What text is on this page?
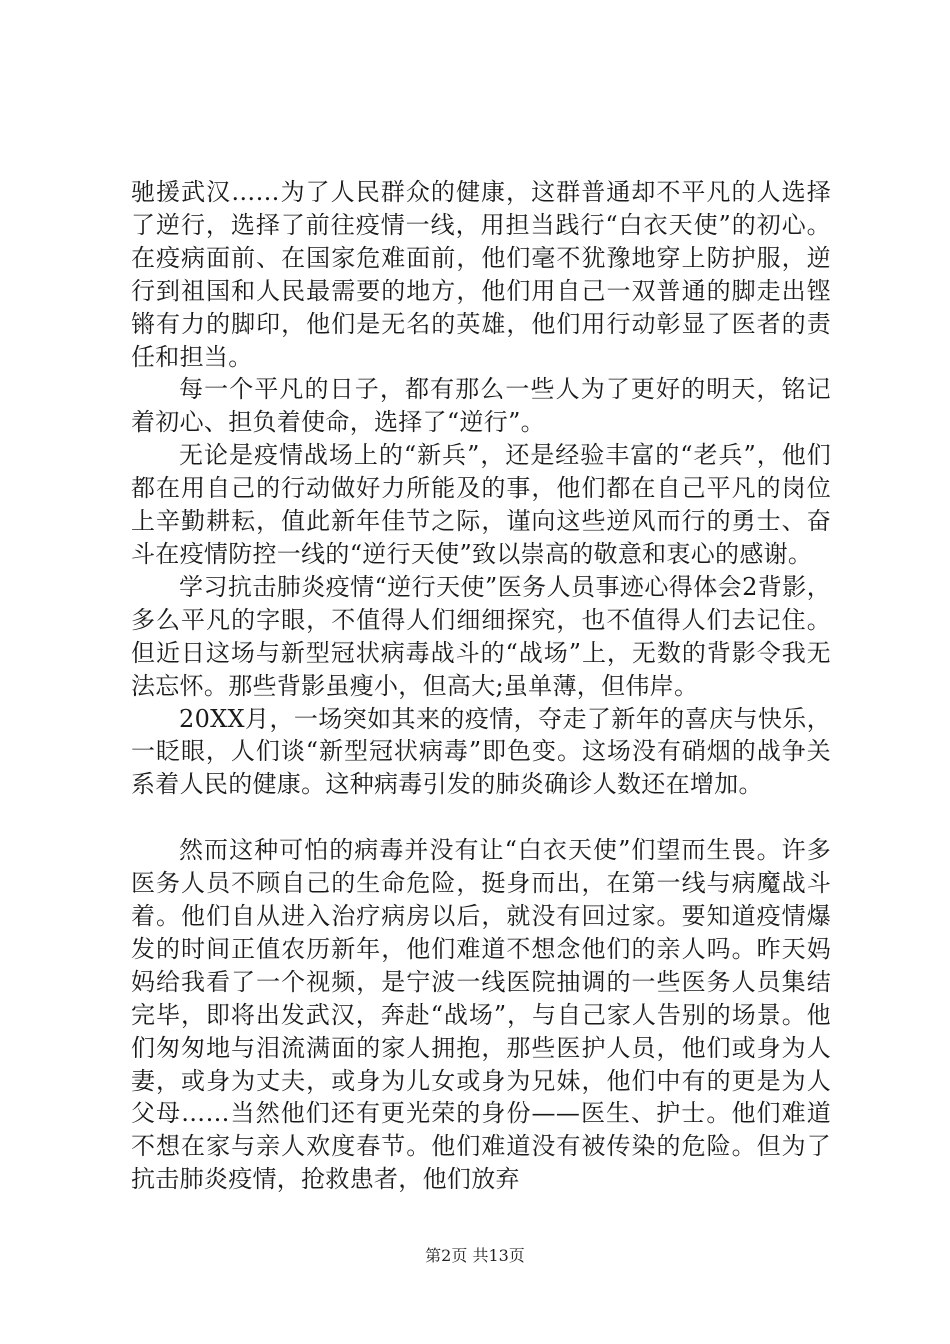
驰援武汉……为了人民群众的健康，这群普通却不平凡的人选择了逆行，选择了前往疫情一线，用担当践行“白衣天使”的初心。在疫病面前、在国家危难面前，他们毫不犹豫地穿上防护服，逆行到祖国和人民最需要的地方，他们用自己一双普通的脚走出铿锵有力的脚印，他们是无名的英雄，他们用行动彰显了医者的责任和担当。

每一个平凡的日子，都有那么一些人为了更好的明天，铭记着初心、担负着使命，选择了“逆行”。

无论是疫情战场上的“新兵”，还是经验丰富的“老兵”，他们都在用自己的行动做好力所能及的事，他们都在自己平凡的岗位上辛勤耕耘，值此新年佳节之际，谨向这些逆风而行的勇士、奋斗在疫情防控一线的“逆行天使”致以崇高的敬意和衷心的感谢。

学习抗击肺炎疫情“逆行天使”医务人员事迹心得体会2背影，多么平凡的字眼，不值得人们细细探究，也不值得人们去记住。但近日这场与新型冠状病毒战斗的“战场”上，无数的背影令我无法忘怀。那些背影虽瘦小，但高大;虽单薄，但伟岸。

20XX月，一场突如其来的疫情，夺走了新年的喜庆与快乐，一眨眼，人们谈“新型冠状病毒”即色变。这场没有硝烟的战争关系着人民的健康。这种病毒引发的肺炎确诊人数还在增加。

然而这种可怕的病毒并没有让“白衣天使”们望而生畏。许多医务人员不顾自己的生命危险，挺身而出，在第一线与病魔战斗着。他们自从进入治疗病房以后，就没有回过家。要知道疫情爆发的时间正值农历新年，他们难道不想念他们的亲人吗。昨天妈妈给我看了一个视频，是宁波一线医院抽调的一些医务人员集结完毕，即将出发武汉，奔赴“战场”，与自己家人告别的场景。他们匆匆地与泪流满面的家人拥抱，那些医护人员，他们或身为人妻，或身为丈夫，或身为儿女或身为兄妹，他们中有的更是为人父母……当然他们还有更光荣的身份——医生、护士。他们难道不想在家与亲人欢度春节。他们难道没有被传染的危险。但为了抗击肺炎疫情，抢救患者，他们放弃

第2页 共13页
